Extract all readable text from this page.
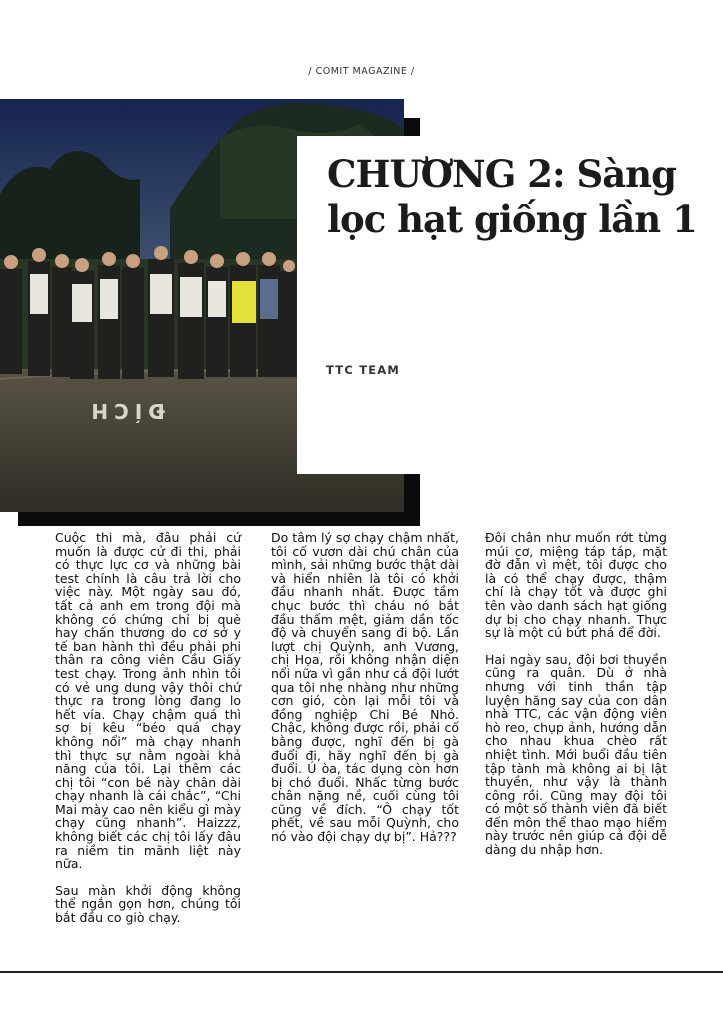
/ COMIT MAGAZINE /
ĐÍCH
CHƯƠNG 2: Sàng lọc hạt giống lần 1
TTC TEAM

Cuộc thi mà, đâu phải cứ muốn là được cử đi thi, phải có thực lực cơ và những bài test chính là câu trả lời cho việc này. Một ngày sau đó, tất cả anh em trong đội mà không có chứng chỉ bị què hay chấn thương do cơ sở y tế ban hành thì đều phải phi thân ra công viên Cầu Giấy test chạy. Trong ảnh nhìn tôi có vẻ ung dung vậy thôi chứ thực ra trong lòng đang lo hết vía. Chạy chậm quá thì sợ bị kêu “béo quá chạy không nổi” mà chạy nhanh thì thực sự nằm ngoài khả năng của tôi. Lại thêm các chị tôi “con bé này chân dài chạy nhanh là cái chắc”, “Chi Mai mày cao nên kiểu gì mày chạy cũng nhanh”. Haizzz, không biết các chị tôi lấy đâu ra niềm tin mãnh liệt này nữa.

Sau màn khởi động không thể ngắn gọn hơn, chúng tôi bắt đầu co giò chạy.

Do tâm lý sợ chạy chậm nhất, tôi cố vươn dài chú chân của mình, sải những bước thật dài và hiển nhiên là tôi có khởi đầu nhanh nhất. Được tầm chục bước thì cháu nó bắt đầu thấm mệt, giảm dần tốc độ và chuyển sang đi bộ. Lần lượt chị Quỳnh, anh Vương, chị Họa, rồi không nhận diện nổi nữa vì gần như cả đội lướt qua tôi nhẹ nhàng như những cơn gió, còn lại mỗi tôi và đồng nghiệp Chi Bé Nhỏ. Chậc, không được rồi, phải cố bằng được, nghĩ đến bị gà đuổi đi, hãy nghĩ đến bị gà đuổi. Ú òa, tác dụng còn hơn bị chó đuổi. Nhấc từng bước chân nặng nề, cuối cùng tôi cũng về đích. “Ô chạy tốt phết, về sau mỗi Quỳnh, cho nó vào đội chạy dự bị”. Hả???

Đôi chân như muốn rớt từng múi cơ, miệng táp táp, mặt đờ đẫn vì mệt, tôi được cho là có thể chạy được, thậm chí là chạy tốt và được ghi tên vào danh sách hạt giống dự bị cho chạy nhanh. Thực sự là một cú bứt phá để đời.

Hai ngày sau, đội bơi thuyền cũng ra quân. Dù ở nhà nhưng với tinh thần tập luyện hăng say của con dân nhà TTC, các vận động viên hò reo, chụp ảnh, hướng dẫn cho nhau khua chèo rất nhiệt tình. Mới buổi đầu tiên tập tành mà không ai bị lật thuyền, như vậy là thành công rồi. Cũng may đội tôi có một số thành viên đã biết đến môn thể thao mạo hiểm này trước nên giúp cả đội dễ dàng du nhập hơn.
